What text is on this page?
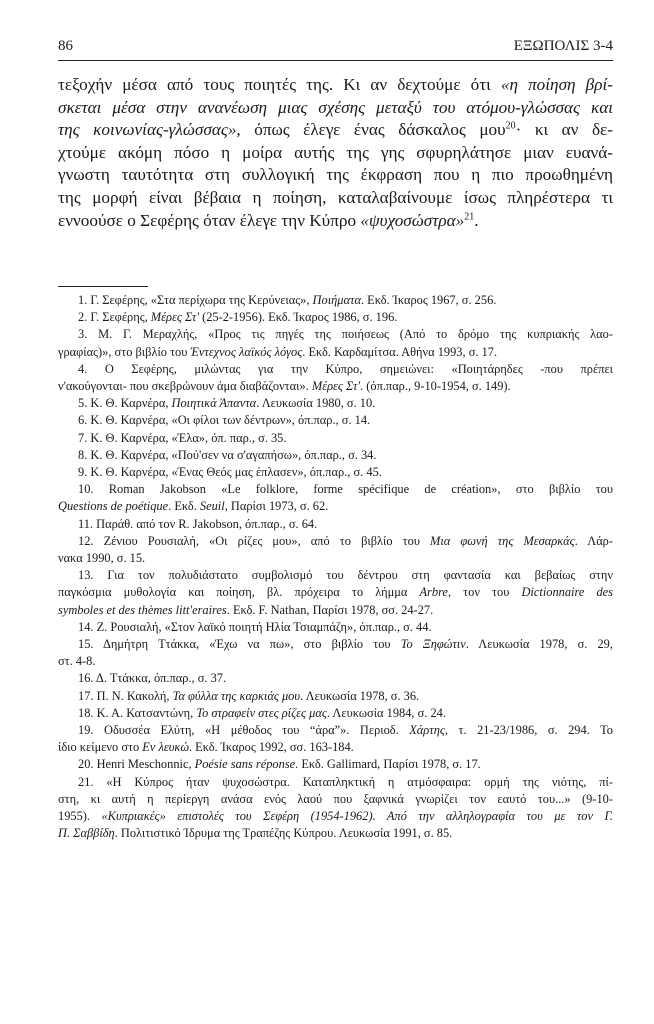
86	ΕΞΩΠΟΛΙΣ 3-4
τεξοχήν μέσα από τους ποιητές της. Κι αν δεχτούμε ότι «η ποίηση βρί-
σκεται μέσα στην ανανέωση μιας σχέσης μεταξύ του ατόμου-γλώσσας και
της κοινωνίας-γλώσσας», όπως έλεγε ένας δάσκαλος μου$^{20}$· κι αν δε-
χτούμε ακόμη πόσο η μοίρα αυτής της γης σφυρηλάτησε μιαν ευανά-
γνωστη ταυτότητα στη συλλογική της έκφραση που η πιο προωθημένη
της μορφή είναι βέβαια η ποίηση, καταλαβαίνουμε ίσως πληρέστερα τι
εννοούσε ο Σεφέρης όταν έλεγε την Κύπρο «ψυχοσώστρα»$^{21}$.
1. Γ. Σεφέρης, «Στα περίχωρα της Κερύνειας», Ποιήματα. Εκδ. Ίκαρος 1967, σ. 256.
2. Γ. Σεφέρης, Μέρες Στ' (25-2-1956). Εκδ. Ίκαρος 1986, σ. 196.
3. Μ. Γ. Μεραχλής, «Προς τις πηγές της ποιήσεως (Από το δρόμο της κυπριακής λαο-
γραφίας)», στο βιβλίο του Έντεχνος λαϊκός λόγος. Εκδ. Καρδαμίτσα. Αθήνα 1993, σ. 17.
4. Ο Σεφέρης, μιλώντας για την Κύπρο, σημειώνει: «Ποιητάρηδες -που πρέπει
ν'ακούγονται- που σκεβρώνουν άμα διαβάζονται». Μέρες Στ'. (όπ.παρ., 9-10-1954, σ. 149).
5. Κ. Θ. Καρνέρα, Ποιητικά Άπαντα. Λευκωσία 1980, σ. 10.
6. Κ. Θ. Καρνέρα, «Οι φίλοι των δέντρων», όπ.παρ., σ. 14.
7. Κ. Θ. Καρνέρα, «Έλα», όπ. παρ., σ. 35.
8. Κ. Θ. Καρνέρα, «Πού'σεν να σ'αγαπήσω», όπ.παρ., σ. 34.
9. Κ. Θ. Καρνέρα, «Ένας Θεός μας έπλασεν», όπ.παρ., σ. 45.
10. Roman Jakobson «Le folklore, forme spécifique de création», στο βιβλίο του
Questions de poétique. Εκδ. Seuil, Παρίσι 1973, σ. 62.
11. Παράθ. από τον R. Jakobson, όπ.παρ., σ. 64.
12. Ζένιου Ρουσιαλή, «Οι ρίζες μου», από το βιβλίο του Μια φωνή της Μεσαρκάς. Λάρ-
νακα 1990, σ. 15.
13. Για τον πολυδιάστατο συμβολισμό του δέντρου στη φαντασία και βεβαίως στην
παγκόσμια μυθολογία και ποίηση, βλ. πρόχειρα το λήμμα Arbre, τον του Dictionnaire des
symboles et des thèmes litt'eraires. Εκδ. F. Nathan, Παρίσι 1978, σσ. 24-27.
14. Ζ. Ρουσιαλή, «Στον λαϊκό ποιητή Ηλία Τσιαμπάζη», όπ.παρ., σ. 44.
15. Δημήτρη Ττάκκα, «Έχω να πω», στο βιβλίο του Το Ξηφώτιν. Λευκωσία 1978, σ. 29,
στ. 4-8.
16. Δ. Ττάκκα, όπ.παρ., σ. 37.
17. Π. Ν. Κακολή, Τα φύλλα της καρκιάς μου. Λευκωσία 1978, σ. 36.
18. Κ. Α. Κατσαντώνη, Το στραφείν στες ρίζες μας. Λευκωσία 1984, σ. 24.
19. Οδυσσέα Ελύτη, «Η μέθοδος του “άρα”». Περιοδ. Χάρτης, τ. 21-23/1986, σ. 294. Το
ίδιο κείμενο στο Εν λευκώ. Εκδ. Ίκαρος 1992, σσ. 163-184.
20. Henri Meschonnic, Poésie sans réponse. Εκδ. Gallimard, Παρίσι 1978, σ. 17.
21. «Η Κύπρος ήταν ψυχοσώστρα. Καταπληκτική η ατμόσφαιρα: ορμή της νιότης, πί-
στη, κι αυτή η περίεργη ανάσα ενός λαού που ξαφνικά γνωρίζει τον εαυτό του...» (9-10-
1955). «Κυπριακές» επιστολές του Σεφέρη (1954-1962). Από την αλληλογραφία του με τον Γ.
Π. Σαββίδη. Πολιτιστικό Ίδρυμα της Τραπέζης Κύπρου. Λευκωσία 1991, σ. 85.
